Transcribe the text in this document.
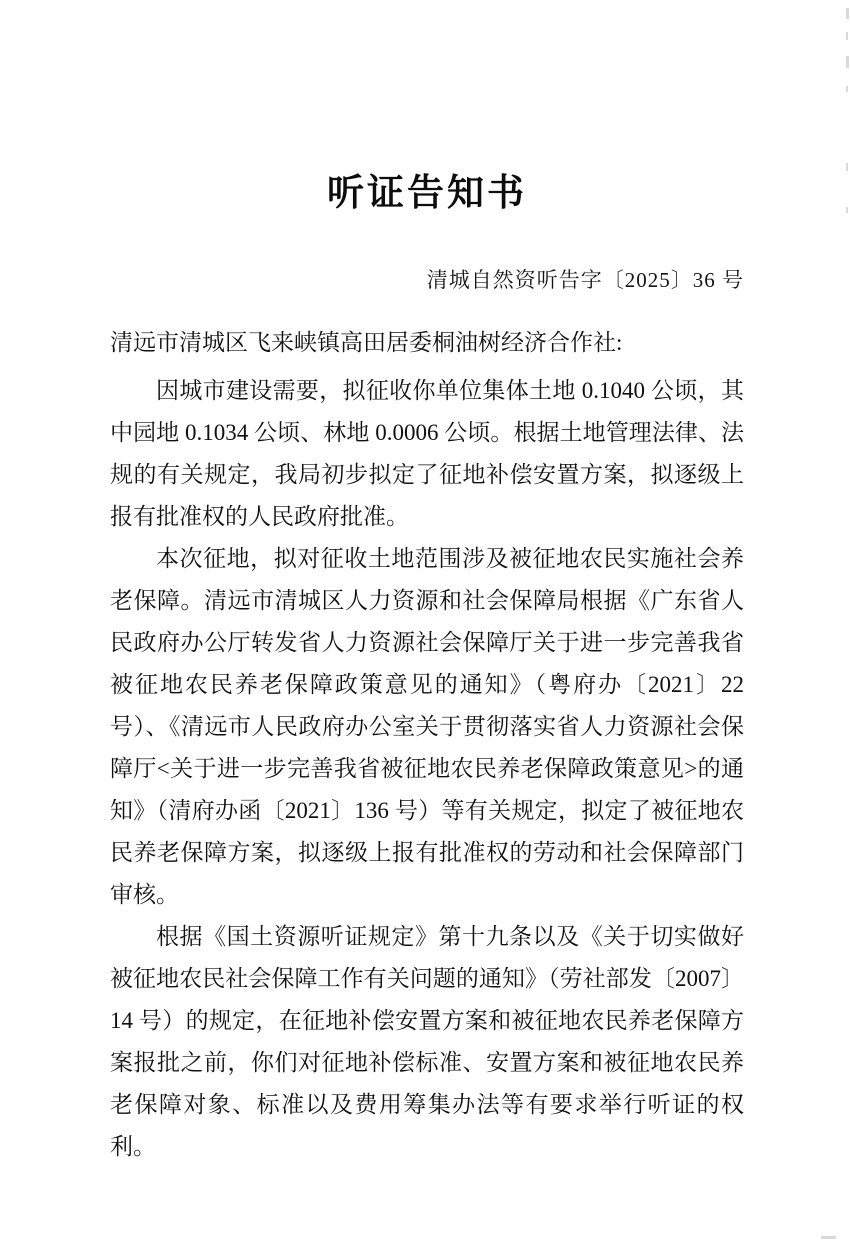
听证告知书
清城自然资听告字〔2025〕36 号
清远市清城区飞来峡镇高田居委桐油树经济合作社:

因城市建设需要，拟征收你单位集体土地 0.1040 公顷，其中园地 0.1034 公顷、林地 0.0006 公顷。根据土地管理法律、法规的有关规定，我局初步拟定了征地补偿安置方案，拟逐级上报有批准权的人民政府批准。

本次征地，拟对征收土地范围涉及被征地农民实施社会养老保障。清远市清城区人力资源和社会保障局根据《广东省人民政府办公厅转发省人力资源社会保障厅关于进一步完善我省被征地农民养老保障政策意见的通知》（粤府办〔2021〕22 号）、《清远市人民政府办公室关于贯彻落实省人力资源社会保障厅<关于进一步完善我省被征地农民养老保障政策意见>的通知》（清府办函〔2021〕136 号）等有关规定，拟定了被征地农民养老保障方案，拟逐级上报有批准权的劳动和社会保障部门审核。

根据《国土资源听证规定》第十九条以及《关于切实做好被征地农民社会保障工作有关问题的通知》（劳社部发〔2007〕14 号）的规定，在征地补偿安置方案和被征地农民养老保障方案报批之前，你们对征地补偿标准、安置方案和被征地农民养老保障对象、标准以及费用筹集办法等有要求举行听证的权利。
